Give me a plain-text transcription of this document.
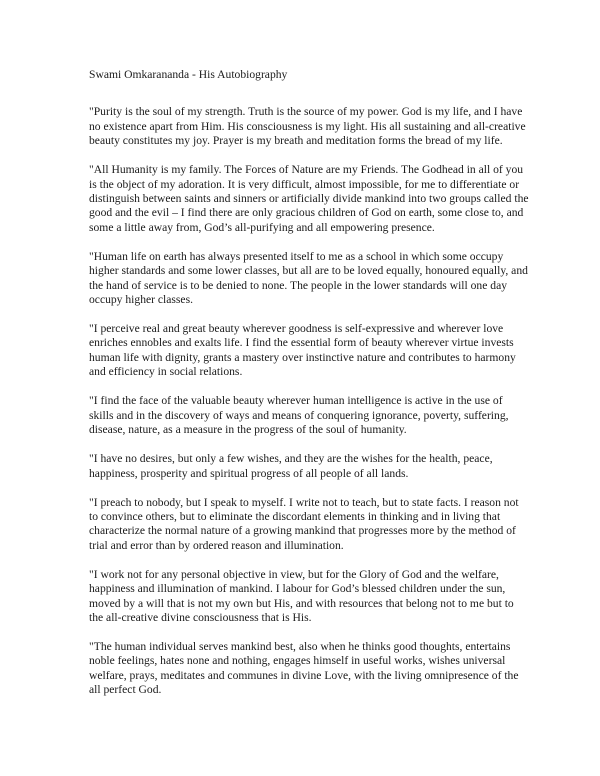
Swami Omkarananda - His Autobiography

"Purity is the soul of my strength. Truth is the source of my power. God is my life, and I have no existence apart from Him. His consciousness is my light. His all sustaining and all-creative beauty constitutes my joy. Prayer is my breath and meditation forms the bread of my life.

"All Humanity is my family. The Forces of Nature are my Friends. The Godhead in all of you is the object of my adoration. It is very difficult, almost impossible, for me to differentiate or distinguish between saints and sinners or artificially divide mankind into two groups called the good and the evil – I find there are only gracious children of God on earth, some close to, and some a little away from, God’s all-purifying and all empowering presence.

"Human life on earth has always presented itself to me as a school in which some occupy higher standards and some lower classes, but all are to be loved equally, honoured equally, and the hand of service is to be denied to none. The people in the lower standards will one day occupy higher classes.

"I perceive real and great beauty wherever goodness is self-expressive and wherever love enriches ennobles and exalts life. I find the essential form of beauty wherever virtue invests human life with dignity, grants a mastery over instinctive nature and contributes to harmony and efficiency in social relations.

"I find the face of the valuable beauty wherever human intelligence is active in the use of skills and in the discovery of ways and means of conquering ignorance, poverty, suffering, disease, nature, as a measure in the progress of the soul of humanity.

"I have no desires, but only a few wishes, and they are the wishes for the health, peace, happiness, prosperity and spiritual progress of all people of all lands.

"I preach to nobody, but I speak to myself. I write not to teach, but to state facts. I reason not to convince others, but to eliminate the discordant elements in thinking and in living that characterize the normal nature of a growing mankind that progresses more by the method of trial and error than by ordered reason and illumination.

"I work not for any personal objective in view, but for the Glory of God and the welfare, happiness and illumination of mankind. I labour for God’s blessed children under the sun, moved by a will that is not my own but His, and with resources that belong not to me but to the all-creative divine consciousness that is His.

"The human individual serves mankind best, also when he thinks good thoughts, entertains noble feelings, hates none and nothing, engages himself in useful works, wishes universal welfare, prays, meditates and communes in divine Love, with the living omnipresence of the all perfect God.
